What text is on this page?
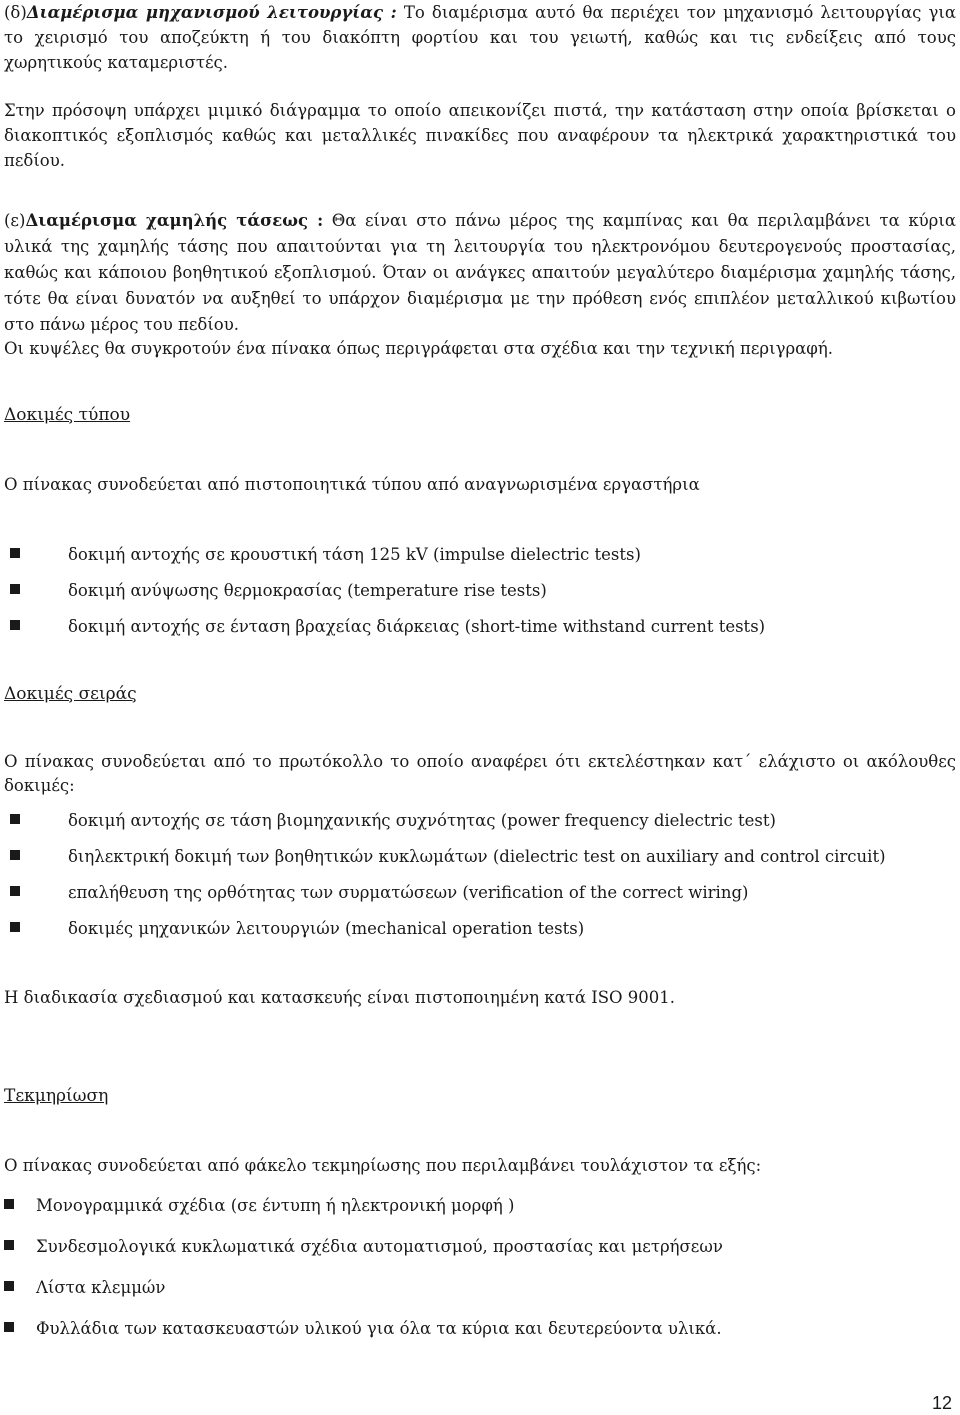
(δ)Διαμέρισμα μηχανισμού λειτουργίας : Το διαμέρισμα αυτό θα περιέχει τον μηχανισμό λειτουργίας για το χειρισμό του αποζεύκτη ή του διακόπτη φορτίου και του γειωτή, καθώς και τις ενδείξεις από τους χωρητικούς καταμεριστές.

Στην πρόσοψη υπάρχει μιμικό διάγραμμα το οποίο απεικονίζει πιστά, την κατάσταση στην οποία βρίσκεται ο διακοπτικός εξοπλισμός καθώς και μεταλλικές πινακίδες που αναφέρουν τα ηλεκτρικά χαρακτηριστικά του πεδίου.

(ε)Διαμέρισμα χαμηλής τάσεως : Θα είναι στο πάνω μέρος της καμπίνας και θα περιλαμβάνει τα κύρια υλικά της χαμηλής τάσης που απαιτούνται για τη λειτουργία του ηλεκτρονόμου δευτερογενούς προστασίας, καθώς και κάποιου βοηθητικού εξοπλισμού. Όταν οι ανάγκες απαιτούν μεγαλύτερο διαμέρισμα χαμηλής τάσης, τότε θα είναι δυνατόν να αυξηθεί το υπάρχον διαμέρισμα με την πρόθεση ενός επιπλέον μεταλλικού κιβωτίου στο πάνω μέρος του πεδίου.

Οι κυψέλες θα συγκροτούν ένα πίνακα όπως περιγράφεται στα σχέδια και την τεχνική περιγραφή.

Δοκιμές τύπου

Ο πίνακας συνοδεύεται από πιστοποιητικά τύπου από αναγνωρισμένα εργαστήρια

δοκιμή αντοχής σε κρουστική τάση 125 kV (impulse dielectric tests)
δοκιμή ανύψωσης θερμοκρασίας (temperature rise tests)
δοκιμή αντοχής σε ένταση βραχείας διάρκειας (short-time withstand current tests)

Δοκιμές σειράς

Ο πίνακας συνοδεύεται από το πρωτόκολλο το οποίο αναφέρει ότι εκτελέστηκαν κατ΄ ελάχιστο οι ακόλουθες δοκιμές:

δοκιμή αντοχής σε τάση βιομηχανικής συχνότητας (power frequency dielectric test)
διηλεκτρική δοκιμή των βοηθητικών κυκλωμάτων (dielectric test on auxiliary and control circuit)
επαλήθευση της ορθότητας των συρματώσεων (verification of the correct wiring)
δοκιμές μηχανικών λειτουργιών (mechanical operation tests)

Η διαδικασία σχεδιασμού και κατασκευής είναι πιστοποιημένη κατά ISO 9001.

Τεκμηρίωση

Ο πίνακας συνοδεύεται από φάκελο τεκμηρίωσης που περιλαμβάνει τουλάχιστον τα εξής:

Μονογραμμικά σχέδια (σε έντυπη ή ηλεκτρονική μορφή )
Συνδεσμολογικά κυκλωματικά σχέδια αυτοματισμού, προστασίας και μετρήσεων
Λίστα κλεμμών
Φυλλάδια των κατασκευαστών υλικού για όλα τα κύρια και δευτερεύοντα υλικά.
12
